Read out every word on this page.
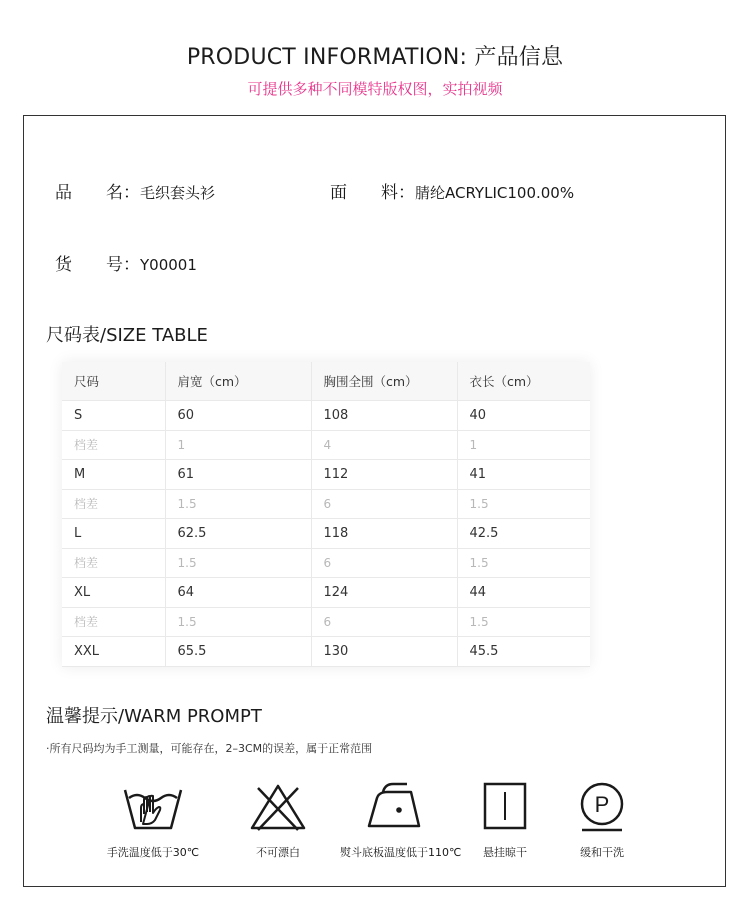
PRODUCT INFORMATION: 产品信息
可提供多种不同模特版权图，实拍视频
品　　名：毛织套头衫	面　　料：腈纶ACRYLIC100.00%
货　　号：Y00001
尺码表/SIZE TABLE
尺码	肩宽（cm）	胸围全围（cm）	衣长（cm）
S	60	108	40
档差	1	4	1
M	61	112	41
档差	1.5	6	1.5
L	62.5	118	42.5
档差	1.5	6	1.5
XL	64	124	44
档差	1.5	6	1.5
XXL	65.5	130	45.5
温馨提示/WARM PROMPT
·所有尺码均为手工测量，可能存在，2–3CM的误差，属于正常范围
手洗温度低于30℃	不可漂白	熨斗底板温度低于110℃	悬挂晾干
P
缓和干洗
